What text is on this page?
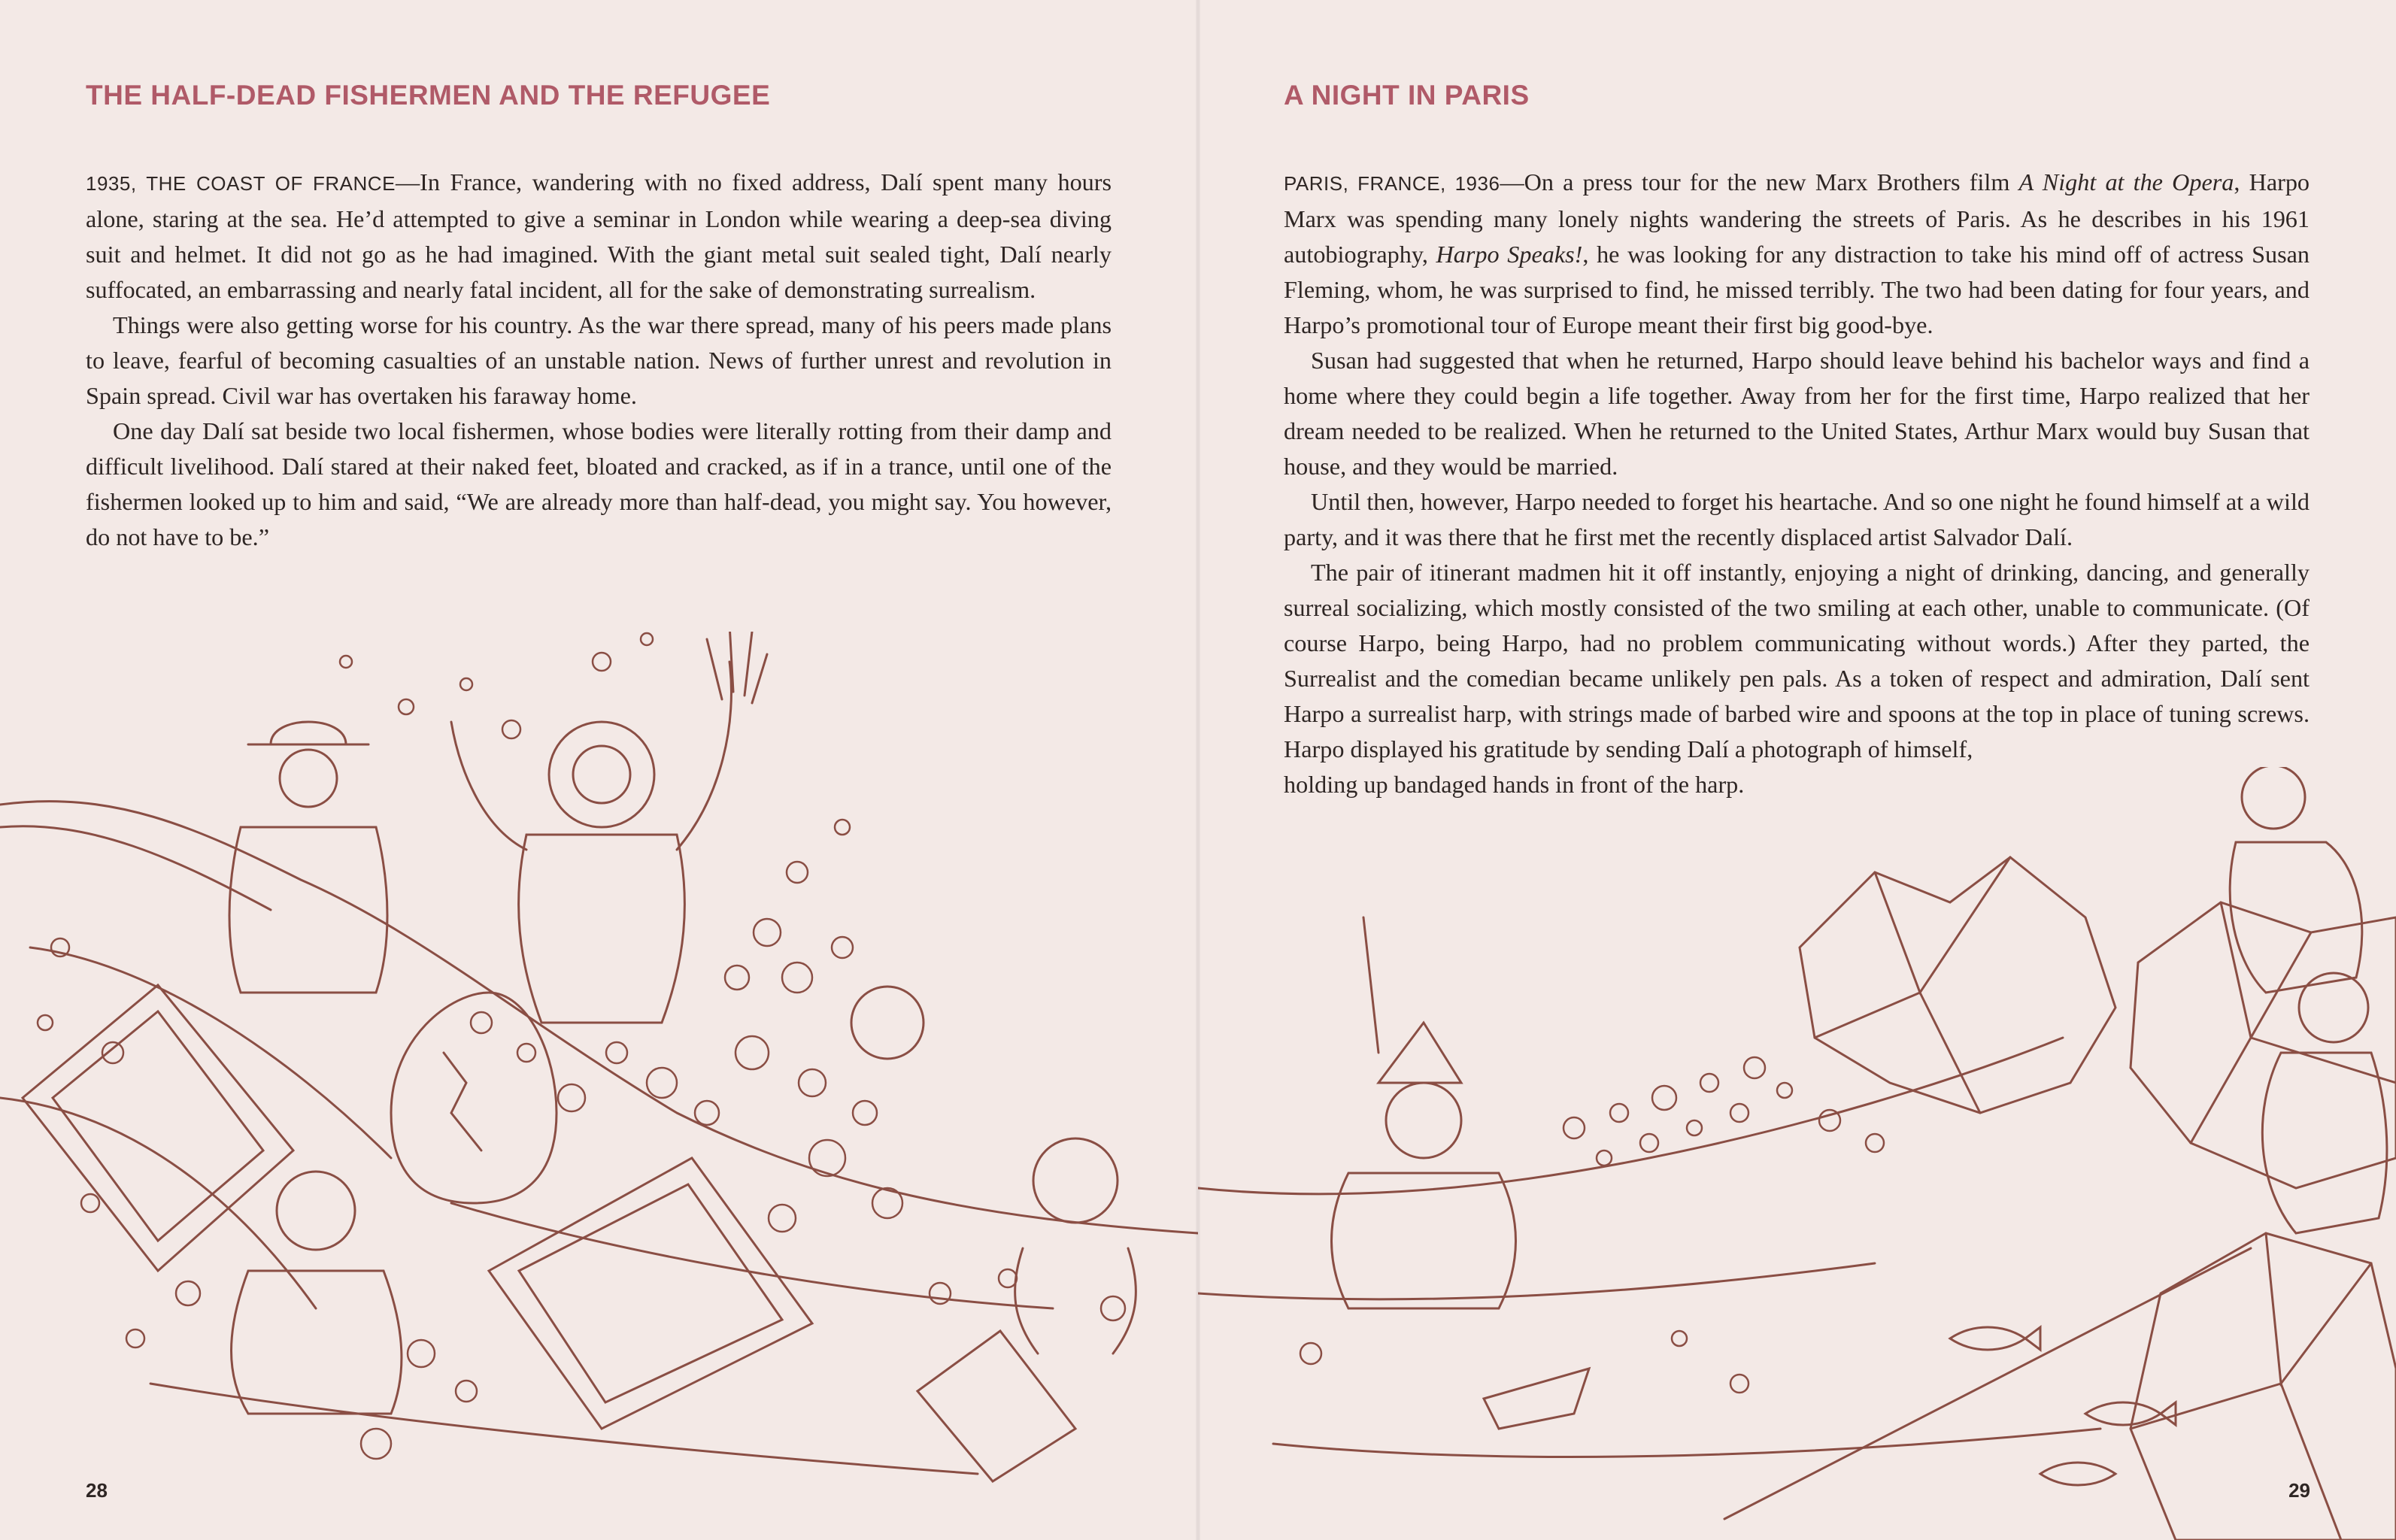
THE HALF-DEAD FISHERMEN AND THE REFUGEE

1935, THE COAST OF FRANCE—In France, wandering with no fixed address, Dalí spent many hours alone, staring at the sea. He’d attempted to give a seminar in London while wearing a deep-sea diving suit and helmet. It did not go as he had imagined. With the giant metal suit sealed tight, Dalí nearly suffocated, an embarrassing and nearly fatal incident, all for the sake of demonstrating surrealism.

Things were also getting worse for his country. As the war there spread, many of his peers made plans to leave, fearful of becoming casualties of an unstable nation. News of further unrest and revolution in Spain spread. Civil war has overtaken his faraway home.

One day Dalí sat beside two local fishermen, whose bodies were literally rotting from their damp and difficult livelihood. Dalí stared at their naked feet, bloated and cracked, as if in a trance, until one of the fishermen looked up to him and said, “We are already more than half-dead, you might say. You however, do not have to be.”

28
A NIGHT IN PARIS

PARIS, FRANCE, 1936—On a press tour for the new Marx Brothers film A Night at the Opera, Harpo Marx was spending many lonely nights wandering the streets of Paris. As he describes in his 1961 autobiography, Harpo Speaks!, he was looking for any distraction to take his mind off of actress Susan Fleming, whom, he was surprised to find, he missed terribly. The two had been dating for four years, and Harpo’s promotional tour of Europe meant their first big good-bye.

Susan had suggested that when he returned, Harpo should leave behind his bachelor ways and find a home where they could begin a life together. Away from her for the first time, Harpo realized that her dream needed to be realized. When he returned to the United States, Arthur Marx would buy Susan that house, and they would be married.

Until then, however, Harpo needed to forget his heartache. And so one night he found himself at a wild party, and it was there that he first met the recently displaced artist Salvador Dalí.

The pair of itinerant madmen hit it off instantly, enjoying a night of drinking, dancing, and generally surreal socializing, which mostly consisted of the two smiling at each other, unable to communicate. (Of course Harpo, being Harpo, had no problem communicating without words.) After they parted, the Surrealist and the comedian became unlikely pen pals. As a token of respect and admiration, Dalí sent Harpo a surrealist harp, with strings made of barbed wire and spoons at the top in place of tuning screws. Harpo displayed his gratitude by sending Dalí a photograph of himself,

holding up bandaged hands in front of the harp.

29
